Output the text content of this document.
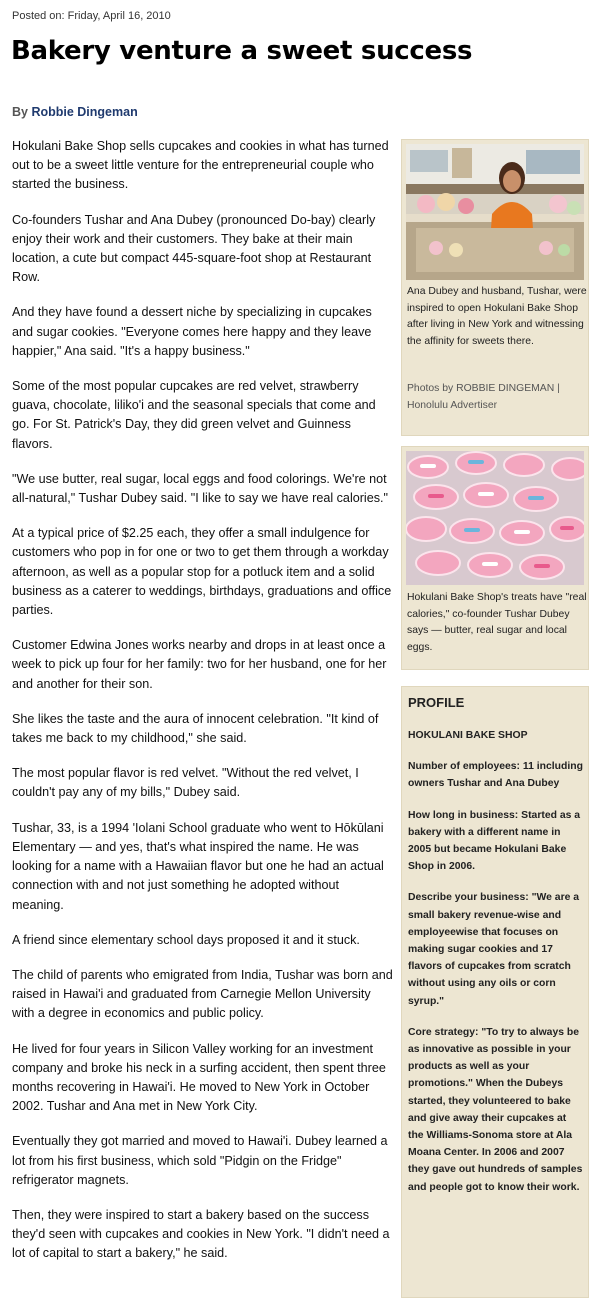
Posted on: Friday, April 16, 2010
Bakery venture a sweet success
By Robbie Dingeman

Hokulani Bake Shop sells cupcakes and cookies in what has turned out to be a sweet little venture for the entrepreneurial couple who started the business.

Co-founders Tushar and Ana Dubey (pronounced Do-bay) clearly enjoy their work and their customers. They bake at their main location, a cute but compact 445-square-foot shop at Restaurant Row.

And they have found a dessert niche by specializing in cupcakes and sugar cookies. "Everyone comes here happy and they leave happier," Ana said. "It's a happy business."

Some of the most popular cupcakes are red velvet, strawberry guava, chocolate, liliko'i and the seasonal specials that come and go. For St. Patrick's Day, they did green velvet and Guinness flavors.

"We use butter, real sugar, local eggs and food colorings. We're not all-natural," Tushar Dubey said. "I like to say we have real calories."

At a typical price of $2.25 each, they offer a small indulgence for customers who pop in for one or two to get them through a workday afternoon, as well as a popular stop for a potluck item and a solid business as a caterer to weddings, birthdays, graduations and office parties.

Customer Edwina Jones works nearby and drops in at least once a week to pick up four for her family: two for her husband, one for her and another for their son.

She likes the taste and the aura of innocent celebration. "It kind of takes me back to my childhood," she said.

The most popular flavor is red velvet. "Without the red velvet, I couldn't pay any of my bills," Dubey said.

Tushar, 33, is a 1994 'Iolani School graduate who went to Hōkūlani Elementary — and yes, that's what inspired the name. He was looking for a name with a Hawaiian flavor but one he had an actual connection with and not just something he adopted without meaning.

A friend since elementary school days proposed it and it stuck.

The child of parents who emigrated from India, Tushar was born and raised in Hawai'i and graduated from Carnegie Mellon University with a degree in economics and public policy.

He lived for four years in Silicon Valley working for an investment company and broke his neck in a surfing accident, then spent three months recovering in Hawai'i. He moved to New York in October 2002. Tushar and Ana met in New York City.

Eventually they got married and moved to Hawai'i. Dubey learned a lot from his first business, which sold "Pidgin on the Fridge" refrigerator magnets.

Then, they were inspired to start a bakery based on the success they'd seen with cupcakes and cookies in New York. "I didn't need a lot of capital to start a bakery," he said.

Ana Dubey and husband, Tushar, were inspired to open Hokulani Bake Shop after living in New York and witnessing the affinity for sweets there.
Photos by ROBBIE DINGEMAN | Honolulu Advertiser
Hokulani Bake Shop's treats have "real calories," co-founder Tushar Dubey says — butter, real sugar and local eggs.
PROFILE

HOKULANI BAKE SHOP

Number of employees: 11 including owners Tushar and Ana Dubey

How long in business: Started as a bakery with a different name in 2005 but became Hokulani Bake Shop in 2006.

Describe your business: "We are a small bakery revenue-wise and employeewise that focuses on making sugar cookies and 17 flavors of cupcakes from scratch without using any oils or corn syrup."

Core strategy: "To try to always be as innovative as possible in your products as well as your promotions." When the Dubeys started, they volunteered to bake and give away their cupcakes at the Williams-Sonoma store at Ala Moana Center. In 2006 and 2007 they gave out hundreds of samples and people got to know their work.
